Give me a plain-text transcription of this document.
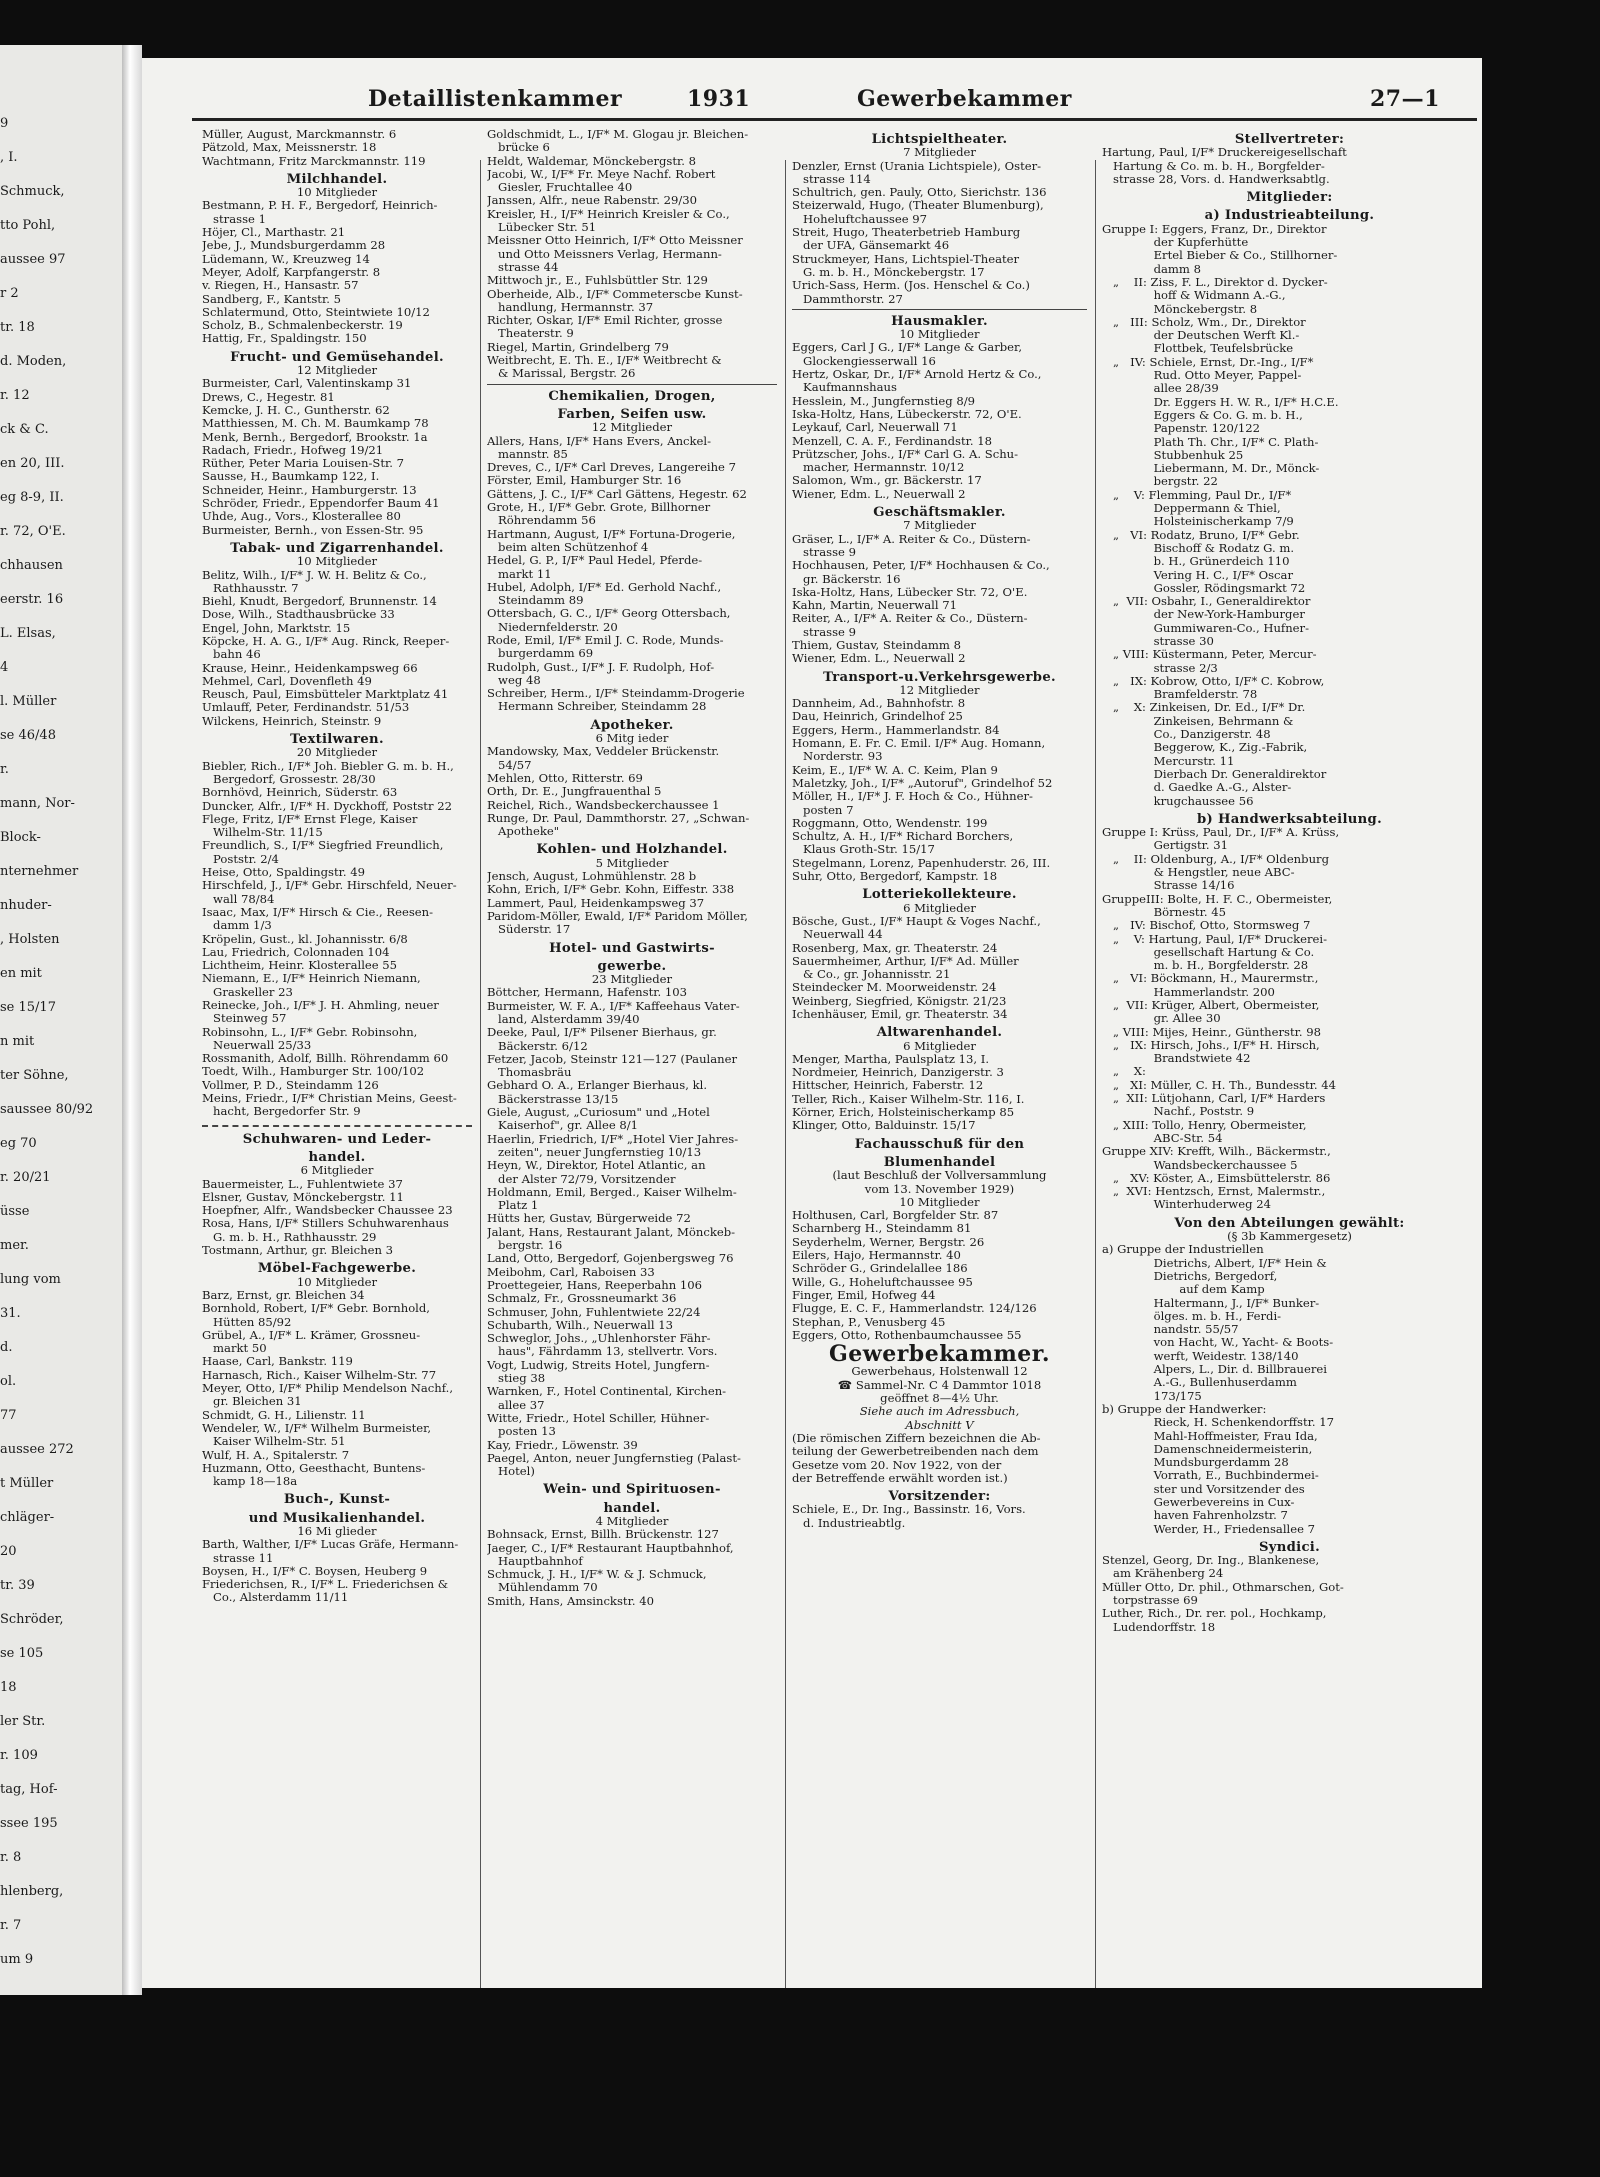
9
, I.
Schmuck,
tto Pohl,
aussee 97
r 2
tr. 18
d. Moden,
r. 12
ck & C.
en 20, III.
eg 8-9, II.
r. 72, O'E.
chhausen
eerstr. 16
L. Elsas,
4
l. Müller
se 46/48
r.
mann, Nor-
Block-
nternehmer
nhuder-
, Holsten
en mit
se 15/17
n mit
ter Söhne,
saussee 80/92
eg 70
r. 20/21
üsse
mer.
lung vom
31.
d.
ol.
77
aussee 272
t Müller
chläger-
20
tr. 39
Schröder,
se 105
18
ler Str.
r. 109
tag, Hof-
ssee 195
r. 8
hlenberg,
r. 7
um 9
Detaillistenkammer	1931	Gewerbekammer	27—1
Müller, August, Marckmannstr. 6
Pätzold, Max, Meissnerstr. 18
Wachtmann, Fritz Marckmannstr. 119
Milchhandel.
10 Mitglieder
Bestmann, P. H. F., Bergedorf, Heinrich-
strasse 1
Höjer, Cl., Marthastr. 21
Jebe, J., Mundsburgerdamm 28
Lüdemann, W., Kreuzweg 14
Meyer, Adolf, Karpfangerstr. 8
v. Riegen, H., Hansastr. 57
Sandberg, F., Kantstr. 5
Schlatermund, Otto, Steintwiete 10/12
Scholz, B., Schmalenbeckerstr. 19
Hattig, Fr., Spaldingstr. 150
Frucht- und Gemüsehandel.
12 Mitglieder
Burmeister, Carl, Valentinskamp 31
Drews, C., Hegestr. 81
Kemcke, J. H. C., Guntherstr. 62
Matthiessen, M. Ch. M. Baumkamp 78
Menk, Bernh., Bergedorf, Brookstr. 1a
Radach, Friedr., Hofweg 19/21
Rüther, Peter Maria Louisen-Str. 7
Sausse, H., Baumkamp 122, I.
Schneider, Heinr., Hamburgerstr. 13
Schröder, Friedr., Eppendorfer Baum 41
Uhde, Aug., Vors., Klosterallee 80
Burmeister, Bernh., von Essen-Str. 95
Tabak- und Zigarrenhandel.
10 Mitglieder
Belitz, Wilh., I/F* J. W. H. Belitz & Co.,
Rathhausstr. 7
Biehl, Knudt, Bergedorf, Brunnenstr. 14
Dose, Wilh., Stadthausbrücke 33
Engel, John, Marktstr. 15
Köpcke, H. A. G., I/F* Aug. Rinck, Reeper-
bahn 46
Krause, Heinr., Heidenkampsweg 66
Mehmel, Carl, Dovenfleth 49
Reusch, Paul, Eimsbütteler Marktplatz 41
Umlauff, Peter, Ferdinandstr. 51/53
Wilckens, Heinrich, Steinstr. 9
Textilwaren.
20 Mitglieder
Biebler, Rich., I/F* Joh. Biebler G. m. b. H.,
Bergedorf, Grossestr. 28/30
Bornhövd, Heinrich, Süderstr. 63
Duncker, Alfr., I/F* H. Dyckhoff, Poststr 22
Flege, Fritz, I/F* Ernst Flege, Kaiser
Wilhelm-Str. 11/15
Freundlich, S., I/F* Siegfried Freundlich,
Poststr. 2/4
Heise, Otto, Spaldingstr. 49
Hirschfeld, J., I/F* Gebr. Hirschfeld, Neuer-
wall 78/84
Isaac, Max, I/F* Hirsch & Cie., Reesen-
damm 1/3
Kröpelin, Gust., kl. Johannisstr. 6/8
Lau, Friedrich, Colonnaden 104
Lichtheim, Heinr. Klosterallee 55
Niemann, E., I/F* Heinrich Niemann,
Graskeller 23
Reinecke, Joh., I/F* J. H. Ahmling, neuer
Steinweg 57
Robinsohn, L., I/F* Gebr. Robinsohn,
Neuerwall 25/33
Rossmanith, Adolf, Billh. Röhrendamm 60
Toedt, Wilh., Hamburger Str. 100/102
Vollmer, P. D., Steindamm 126
Meins, Friedr., I/F* Christian Meins, Geest-
hacht, Bergedorfer Str. 9
Schuhwaren- und Leder-
handel.
6 Mitglieder
Bauermeister, L., Fuhlentwiete 37
Elsner, Gustav, Mönckebergstr. 11
Hoepfner, Alfr., Wandsbecker Chaussee 23
Rosa, Hans, I/F* Stillers Schuhwarenhaus
G. m. b. H., Rathhausstr. 29
Tostmann, Arthur, gr. Bleichen 3
Möbel-Fachgewerbe.
10 Mitglieder
Barz, Ernst, gr. Bleichen 34
Bornhold, Robert, I/F* Gebr. Bornhold,
Hütten 85/92
Grübel, A., I/F* L. Krämer, Grossneu-
markt 50
Haase, Carl, Bankstr. 119
Harnasch, Rich., Kaiser Wilhelm-Str. 77
Meyer, Otto, I/F* Philip Mendelson Nachf.,
gr. Bleichen 31
Schmidt, G. H., Lilienstr. 11
Wendeler, W., I/F* Wilhelm Burmeister,
Kaiser Wilhelm-Str. 51
Wulf, H. A., Spitalerstr. 7
Huzmann, Otto, Geesthacht, Buntens-
kamp 18—18a
Buch-, Kunst-
und Musikalienhandel.
16 Mi glieder
Barth, Walther, I/F* Lucas Gräfe, Hermann-
strasse 11
Boysen, H., I/F* C. Boysen, Heuberg 9
Friederichsen, R., I/F* L. Friederichsen &
Co., Alsterdamm 11/11
Goldschmidt, L., I/F* M. Glogau jr. Bleichen-
brücke 6
Heldt, Waldemar, Mönckebergstr. 8
Jacobi, W., I/F* Fr. Meye Nachf. Robert
Giesler, Fruchtallee 40
Janssen, Alfr., neue Rabenstr. 29/30
Kreisler, H., I/F* Heinrich Kreisler & Co.,
Lübecker Str. 51
Meissner Otto Heinrich, I/F* Otto Meissner
und Otto Meissners Verlag, Hermann-
strasse 44
Mittwoch jr., E., Fuhlsbüttler Str. 129
Oberheide, Alb., I/F* Commeterscbe Kunst-
handlung, Hermannstr. 37
Richter, Oskar, I/F* Emil Richter, grosse
Theaterstr. 9
Riegel, Martin, Grindelberg 79
Weitbrecht, E. Th. E., I/F* Weitbrecht &
& Marissal, Bergstr. 26
Chemikalien, Drogen,
Farben, Seifen usw.
12 Mitglieder
Allers, Hans, I/F* Hans Evers, Anckel-
mannstr. 85
Dreves, C., I/F* Carl Dreves, Langereihe 7
Förster, Emil, Hamburger Str. 16
Gättens, J. C., I/F* Carl Gättens, Hegestr. 62
Grote, H., I/F* Gebr. Grote, Billhorner
Röhrendamm 56
Hartmann, August, I/F* Fortuna-Drogerie,
beim alten Schützenhof 4
Hedel, G. P., I/F* Paul Hedel, Pferde-
markt 11
Hubel, Adolph, I/F* Ed. Gerhold Nachf.,
Steindamm 89
Ottersbach, G. C., I/F* Georg Ottersbach,
Niedernfelderstr. 20
Rode, Emil, I/F* Emil J. C. Rode, Munds-
burgerdamm 69
Rudolph, Gust., I/F* J. F. Rudolph, Hof-
weg 48
Schreiber, Herm., I/F* Steindamm-Drogerie
Hermann Schreiber, Steindamm 28
Apotheker.
6 Mitg ieder
Mandowsky, Max, Veddeler Brückenstr.
54/57
Mehlen, Otto, Ritterstr. 69
Orth, Dr. E., Jungfrauenthal 5
Reichel, Rich., Wandsbeckerchaussee 1
Runge, Dr. Paul, Dammthorstr. 27, „Schwan-
Apotheke"
Kohlen- und Holzhandel.
5 Mitglieder
Jensch, August, Lohmühlenstr. 28 b
Kohn, Erich, I/F* Gebr. Kohn, Eiffestr. 338
Lammert, Paul, Heidenkampsweg 37
Paridom-Möller, Ewald, I/F* Paridom Möller,
Süderstr. 17
Hotel- und Gastwirts-
gewerbe.
23 Mitglieder
Böttcher, Hermann, Hafenstr. 103
Burmeister, W. F. A., I/F* Kaffeehaus Vater-
land, Alsterdamm 39/40
Deeke, Paul, I/F* Pilsener Bierhaus, gr.
Bäckerstr. 6/12
Fetzer, Jacob, Steinstr 121—127 (Paulaner
Thomasbräu
Gebhard O. A., Erlanger Bierhaus, kl.
Bäckerstrasse 13/15
Giele, August, „Curiosum" und „Hotel
Kaiserhof", gr. Allee 8/1
Haerlin, Friedrich, I/F* „Hotel Vier Jahres-
zeiten", neuer Jungfernstieg 10/13
Heyn, W., Direktor, Hotel Atlantic, an
der Alster 72/79, Vorsitzender
Holdmann, Emil, Berged., Kaiser Wilhelm-
Platz 1
Hütts her, Gustav, Bürgerweide 72
Jalant, Hans, Restaurant Jalant, Mönckeb-
bergstr. 16
Land, Otto, Bergedorf, Gojenbergsweg 76
Meibohm, Carl, Raboisen 33
Proettegeier, Hans, Reeperbahn 106
Schmalz, Fr., Grossneumarkt 36
Schmuser, John, Fuhlentwiete 22/24
Schubarth, Wilh., Neuerwall 13
Schweglor, Johs., „Uhlenhorster Fähr-
haus", Fährdamm 13, stellvertr. Vors.
Vogt, Ludwig, Streits Hotel, Jungfern-
stieg 38
Warnken, F., Hotel Continental, Kirchen-
allee 37
Witte, Friedr., Hotel Schiller, Hühner-
posten 13
Kay, Friedr., Löwenstr. 39
Paegel, Anton, neuer Jungfernstieg (Palast-
Hotel)
Wein- und Spirituosen-
handel.
4 Mitglieder
Bohnsack, Ernst, Billh. Brückenstr. 127
Jaeger, C., I/F* Restaurant Hauptbahnhof,
Hauptbahnhof
Schmuck, J. H., I/F* W. & J. Schmuck,
Mühlendamm 70
Smith, Hans, Amsinckstr. 40
Lichtspieltheater.
7 Mitglieder
Denzler, Ernst (Urania Lichtspiele), Oster-
strasse 114
Schultrich, gen. Pauly, Otto, Sierichstr. 136
Steizerwald, Hugo, (Theater Blumenburg),
Hoheluftchaussee 97
Streit, Hugo, Theaterbetrieb Hamburg
der UFA, Gänsemarkt 46
Struckmeyer, Hans, Lichtspiel-Theater
G. m. b. H., Mönckebergstr. 17
Urich-Sass, Herm. (Jos. Henschel & Co.)
Dammthorstr. 27
Hausmakler.
10 Mitglieder
Eggers, Carl J G., I/F* Lange & Garber,
Glockengiesserwall 16
Hertz, Oskar, Dr., I/F* Arnold Hertz & Co.,
Kaufmannshaus
Hesslein, M., Jungfernstieg 8/9
Iska-Holtz, Hans, Lübeckerstr. 72, O'E.
Leykauf, Carl, Neuerwall 71
Menzell, C. A. F., Ferdinandstr. 18
Prützscher, Johs., I/F* Carl G. A. Schu-
macher, Hermannstr. 10/12
Salomon, Wm., gr. Bäckerstr. 17
Wiener, Edm. L., Neuerwall 2
Geschäftsmakler.
7 Mitglieder
Gräser, L., I/F* A. Reiter & Co., Düstern-
strasse 9
Hochhausen, Peter, I/F* Hochhausen & Co.,
gr. Bäckerstr. 16
Iska-Holtz, Hans, Lübecker Str. 72, O'E.
Kahn, Martin, Neuerwall 71
Reiter, A., I/F* A. Reiter & Co., Düstern-
strasse 9
Thiem, Gustav, Steindamm 8
Wiener, Edm. L., Neuerwall 2
Transport-u.Verkehrsgewerbe.
12 Mitglieder
Dannheim, Ad., Bahnhofstr. 8
Dau, Heinrich, Grindelhof 25
Eggers, Herm., Hammerlandstr. 84
Homann, E. Fr. C. Emil. I/F* Aug. Homann,
Norderstr. 93
Keim, E., I/F* W. A. C. Keim, Plan 9
Maletzky, Joh., I/F* „Autoruf", Grindelhof 52
Möller, H., I/F* J. F. Hoch & Co., Hühner-
posten 7
Roggmann, Otto, Wendenstr. 199
Schultz, A. H., I/F* Richard Borchers,
Klaus Groth-Str. 15/17
Stegelmann, Lorenz, Papenhuderstr. 26, III.
Suhr, Otto, Bergedorf, Kampstr. 18
Lotteriekollekteure.
6 Mitglieder
Bösche, Gust., I/F* Haupt & Voges Nachf.,
Neuerwall 44
Rosenberg, Max, gr. Theaterstr. 24
Sauermheimer, Arthur, I/F* Ad. Müller
& Co., gr. Johannisstr. 21
Steindecker M. Moorweidenstr. 24
Weinberg, Siegfried, Königstr. 21/23
Ichenhäuser, Emil, gr. Theaterstr. 34
Altwarenhandel.
6 Mitglieder
Menger, Martha, Paulsplatz 13, I.
Nordmeier, Heinrich, Danzigerstr. 3
Hittscher, Heinrich, Faberstr. 12
Teller, Rich., Kaiser Wilhelm-Str. 116, I.
Körner, Erich, Holsteinischerkamp 85
Klinger, Otto, Balduinstr. 15/17
Fachausschuß für den
Blumenhandel
(laut Beschluß der Vollversammlung
vom 13. November 1929)
10 Mitglieder
Holthusen, Carl, Borgfelder Str. 87
Scharnberg H., Steindamm 81
Seyderhelm, Werner, Bergstr. 26
Eilers, Hajo, Hermannstr. 40
Schröder G., Grindelallee 186
Wille, G., Hoheluftchaussee 95
Finger, Emil, Hofweg 44
Flugge, E. C. F., Hammerlandstr. 124/126
Stephan, P., Venusberg 45
Eggers, Otto, Rothenbaumchaussee 55
Gewerbekammer.
Gewerbehaus, Holstenwall 12
☎ Sammel-Nr. C 4 Dammtor 1018
geöffnet 8—4½ Uhr.
Siehe auch im Adressbuch,
Abschnitt V
(Die römischen Ziffern bezeichnen die Ab-
teilung der Gewerbetreibenden nach dem
Gesetze vom 20. Nov 1922, von der
der Betreffende erwählt worden ist.)
Vorsitzender:
Schiele, E., Dr. Ing., Bassinstr. 16, Vors.
d. Industrieabtlg.
Stellvertreter:
Hartung, Paul, I/F* Druckereigesellschaft
Hartung & Co. m. b. H., Borgfelder-
strasse 28, Vors. d. Handwerksabtlg.
Mitglieder:
a) Industrieabteilung.
Gruppe I: Eggers, Franz, Dr., Direktor
der Kupferhütte
Ertel Bieber & Co., Stillhorner-
damm 8
„    II: Ziss, F. L., Direktor d. Dycker-
hoff & Widmann A.-G.,
Mönckebergstr. 8
„   III: Scholz, Wm., Dr., Direktor
der Deutschen Werft Kl.-
Flottbek, Teufelsbrücke
„   IV: Schiele, Ernst, Dr.-Ing., I/F*
Rud. Otto Meyer, Pappel-
allee 28/39
Dr. Eggers H. W. R., I/F* H.C.E.
Eggers & Co. G. m. b. H.,
Papenstr. 120/122
Plath Th. Chr., I/F* C. Plath-
Stubbenhuk 25
Liebermann, M. Dr., Mönck-
bergstr. 22
„    V: Flemming, Paul Dr., I/F*
Deppermann & Thiel,
Holsteinischerkamp 7/9
„   VI: Rodatz, Bruno, I/F* Gebr.
Bischoff & Rodatz G. m.
b. H., Grünerdeich 110
Vering H. C., I/F* Oscar
Gossler, Rödingsmarkt 72
„  VII: Osbahr, I., Generaldirektor
der New-York-Hamburger
Gummiwaren-Co., Hufner-
strasse 30
„ VIII: Küstermann, Peter, Mercur-
strasse 2/3
„   IX: Kobrow, Otto, I/F* C. Kobrow,
Bramfelderstr. 78
„    X: Zinkeisen, Dr. Ed., I/F* Dr.
Zinkeisen, Behrmann &
Co., Danzigerstr. 48
Beggerow, K., Zig.-Fabrik,
Mercurstr. 11
Dierbach Dr. Generaldirektor
d. Gaedke A.-G., Alster-
krugchaussee 56
b) Handwerksabteilung.
Gruppe I: Krüss, Paul, Dr., I/F* A. Krüss,
Gertigstr. 31
„    II: Oldenburg, A., I/F* Oldenburg
& Hengstler, neue ABC-
Strasse 14/16
GruppeIII: Bolte, H. F. C., Obermeister,
Börnestr. 45
„   IV: Bischof, Otto, Stormsweg 7
„    V: Hartung, Paul, I/F* Druckerei-
gesellschaft Hartung & Co.
m. b. H., Borgfelderstr. 28
„   VI: Böckmann, H., Maurermstr.,
Hammerlandstr. 200
„  VII: Krüger, Albert, Obermeister,
gr. Allee 30
„ VIII: Mijes, Heinr., Güntherstr. 98
„   IX: Hirsch, Johs., I/F* H. Hirsch,
Brandstwiete 42
„    X:
„   XI: Müller, C. H. Th., Bundesstr. 44
„  XII: Lütjohann, Carl, I/F* Harders
Nachf., Poststr. 9
„ XIII: Tollo, Henry, Obermeister,
ABC-Str. 54
Gruppe XIV: Krefft, Wilh., Bäckermstr.,
Wandsbeckerchaussee 5
„   XV: Köster, A., Eimsbüttelerstr. 86
„  XVI: Hentzsch, Ernst, Malermstr.,
Winterhuderweg 24
Von den Abteilungen gewählt:
(§ 3b Kammergesetz)
a) Gruppe der Industriellen
Dietrichs, Albert, I/F* Hein &
Dietrichs, Bergedorf,
auf dem Kamp
Haltermann, J., I/F* Bunker-
ölges. m. b. H., Ferdi-
nandstr. 55/57
von Hacht, W., Yacht- & Boots-
werft, Weidestr. 138/140
Alpers, L., Dir. d. Billbrauerei
A.-G., Bullenhuserdamm
173/175
b) Gruppe der Handwerker:
Rieck, H. Schenkendorffstr. 17
Mahl-Hoffmeister, Frau Ida,
Damenschneidermeisterin,
Mundsburgerdamm 28
Vorrath, E., Buchbindermei-
ster und Vorsitzender des
Gewerbevereins in Cux-
haven Fahrenholzstr. 7
Werder, H., Friedensallee 7
Syndici.
Stenzel, Georg, Dr. Ing., Blankenese,
am Krähenberg 24
Müller Otto, Dr. phil., Othmarschen, Got-
torpstrasse 69
Luther, Rich., Dr. rer. pol., Hochkamp,
Ludendorffstr. 18
